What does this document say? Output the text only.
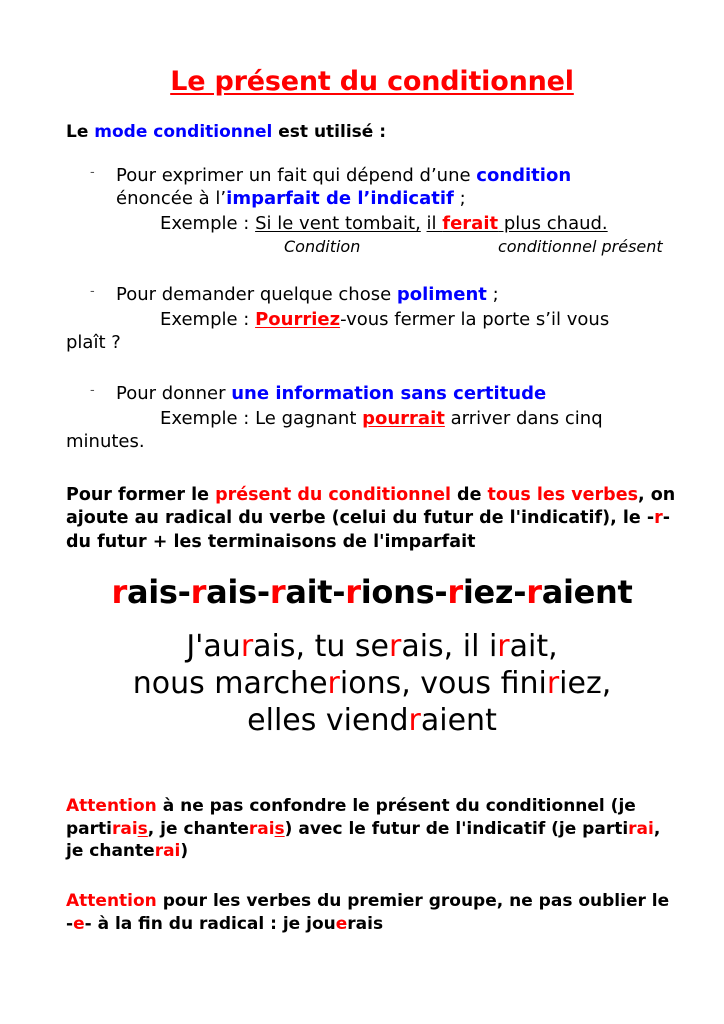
Le présent du conditionnel
Le mode conditionnel est utilisé :
- Pour exprimer un fait qui dépend d’une condition
énoncée à l’imparfait de l’indicatif ;
Exemple : Si le vent tombait, il ferait plus chaud.
Condition	conditionnel présent
- Pour demander quelque chose poliment ;
Exemple : Pourriez-vous fermer la porte s’il vous
plaît ?
- Pour donner une information sans certitude
Exemple : Le gagnant pourrait arriver dans cinq
minutes.
Pour former le présent du conditionnel de tous les verbes, on ajoute au radical du verbe (celui du futur de l'indicatif), le -r- du futur + les terminaisons de l'imparfait
rais-rais-rait-rions-riez-raient
J'aurais, tu serais, il irait,
nous marcherions, vous finiriez,
elles viendraient
Attention à ne pas confondre le présent du conditionnel (je partirais, je chanterais) avec le futur de l'indicatif (je partirai, je chanterai)
Attention pour les verbes du premier groupe, ne pas oublier le -e- à la fin du radical : je jouerais
